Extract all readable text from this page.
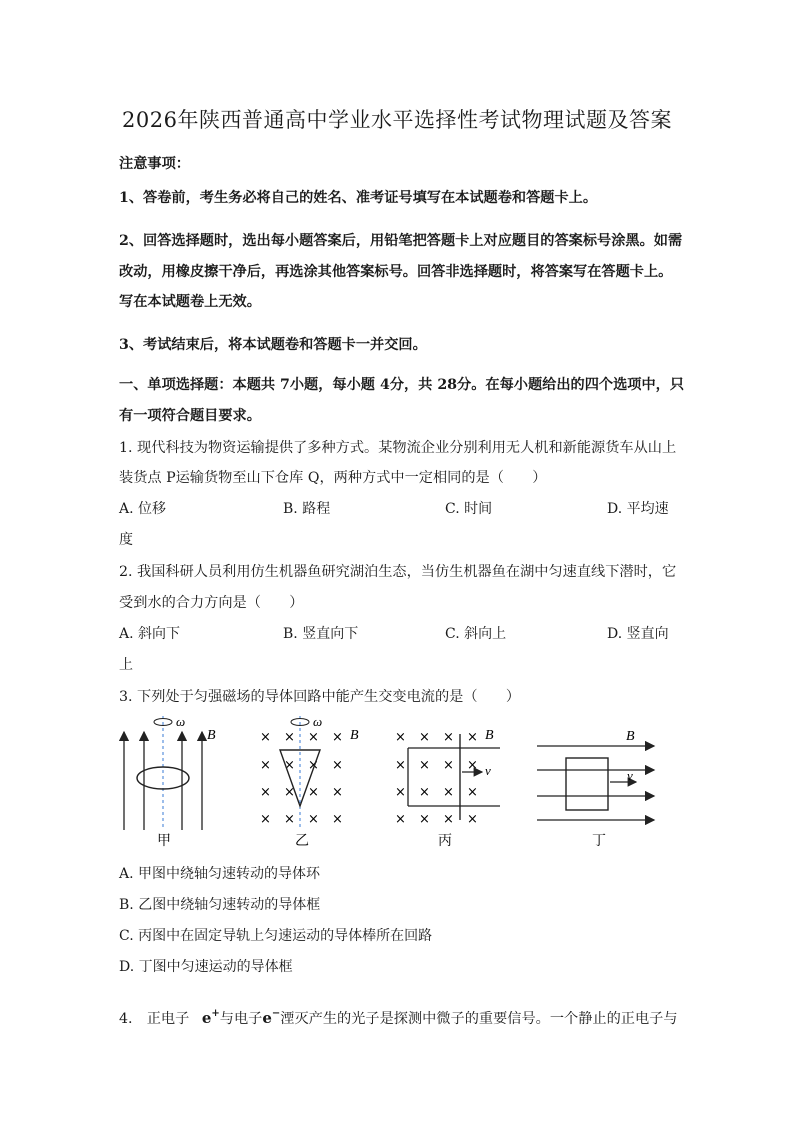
2026年陕西普通高中学业水平选择性考试物理试题及答案
注意事项：
1、答卷前，考生务必将自己的姓名、准考证号填写在本试题卷和答题卡上。
2、回答选择题时，选出每小题答案后，用铅笔把答题卡上对应题目的答案标号涂黑。如需
改动，用橡皮擦干净后，再选涂其他答案标号。回答非选择题时，将答案写在答题卡上。
写在本试题卷上无效。
3、考试结束后，将本试题卷和答题卡一并交回。
一、单项选择题：本题共 7小题，每小题 4分，共 28分。在每小题给出的四个选项中，只
有一项符合题目要求。
1. 现代科技为物资运输提供了多种方式。某物流企业分别利用无人机和新能源货车从山上
装货点 P运输货物至山下仓库 Q，两种方式中一定相同的是（　　）
A. 位移	B. 路程	C. 时间	D. 平均速
度
2. 我国科研人员利用仿生机器鱼研究湖泊生态，当仿生机器鱼在湖中匀速直线下潜时，它
受到水的合力方向是（　　）
A. 斜向下	B. 竖直向下	C. 斜向上	D. 竖直向
上
3. 下列处于匀强磁场的导体回路中能产生交变电流的是（　　）
ω
B
甲
× × × ×
× × × ×
× × × ×
× × × ×
ω
B
乙
× × × ×
× × × ×
× × × ×
× × × ×
v
B
丙
v
B
丁
A. 甲图中绕轴匀速转动的导体环
B. 乙图中绕轴匀速转动的导体框
C. 丙图中在固定导轨上匀速运动的导体棒所在回路
D. 丁图中匀速运动的导体框
4.　正电子 e+与电子e−湮灭产生的光子是探测中微子的重要信号。一个静止的正电子与
